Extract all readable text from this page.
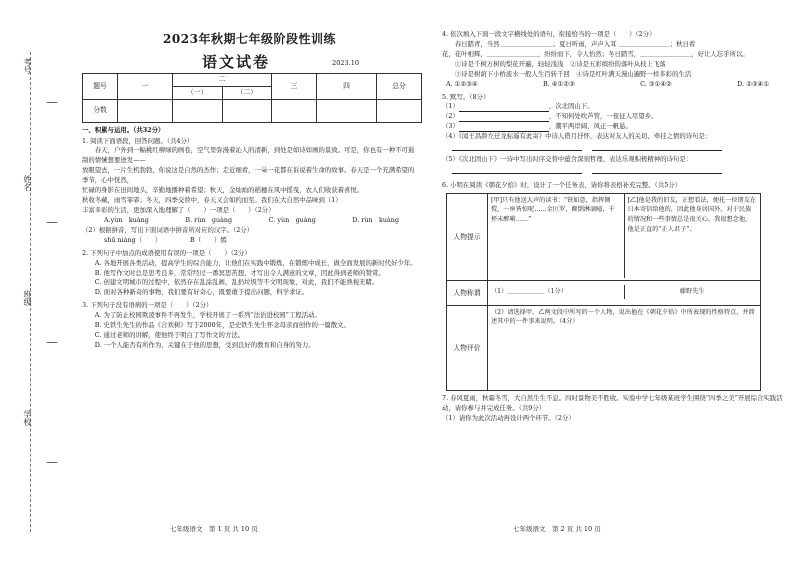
考号
姓名
班级
学校
—
—
—
—
2023年秋期七年级阶段性训练
语文试卷	2023.10
题号	一	二		三	四	总分
		（一）	（二）			
分数						
一、积累与运用。（共32分）
1. 阅读下面语段，回答问题。（共4分）
春天，户外到一幅桃红柳绿的画卷，空气里弥漫着沁人的清新，到处是如诗如画的景致。可是，你也有一种不可遏制的情愫想要迸发——
放眼望去，一片生机勃勃，你说这是自然的杰作；走近细看，一朵一花都在诉说着生命的故事。春天是一个充满希望的季节，心中恍然，
忙碌的身影在田间地头，辛勤地播种着希望；秋天，金灿灿的稻穗在风中摇曳，农人们收获着喜悦。
秋收冬藏，雨雪霏霏；冬天，四季交替中，春天又会如约而至。我们在大自然中品味到（1）
丰富多彩的生活，更加深入地理解了（　　）一项是（　　）（2分）
A.yùn　kuàng	B. rùn　guàng	C. yùn　guàng	D. rùn　kuàng
（2）根据拼音，写出下面词语中拼音所对应的汉字。（2分）
shū niàng（　　）　　　　　B（　　）嫣
2. 下列句子中加点的成语使用有误的一项是（　　）（2分）
A. 各地开展各类活动，提高学生的综合能力，让他们在实践中锻炼，在锻炼中成长，做全面发展的新时代好少年。
B. 他写作文时总是思考良多，常常经过一番冥思苦想，才写出令人满意的文章，因此得到老师的赞赏。
C. 创建文明城市的过程中，依然存在乱涂乱画，乱扔垃圾等不文明现象，对此，我们不能熟视无睹。
D. 面对各种新奇的事物，我们要有好奇心，既要敢于提出问题，科学求证。
3. 下列句子没有语病的一项是（　　）（2分）
A. 为了防止校园欺凌事件不再发生，学校开展了一系列“法治进校园”工程活动。
B. 史铁生先生的作品《合欢树》写于2000年，是史铁生先生怀念母亲而创作的一篇散文。
C. 通过老师的讲解，使他终于明白了写作文的方法。
D. 一个人能否有所作为，关键在于他的思想，受到良好的教育和自身的努力。
七年级语文　第 1 页 共 10 页
4. 依次填入下面一段文字横线处的语句，衔接恰当的一项是（　　）（2分）
春日踏青，当然 ＿＿＿＿＿＿＿＿；夏日听雨，声声入耳 ＿＿＿＿＿＿＿＿；秋日看
花，花叶相辉，＿＿＿＿＿＿＿＿，纷纷而下，令人怡然；冬日踏雪，＿＿＿＿＿＿＿＿，好让人忘乎所以。
①诗是千树万树的梨花开遍，轻轻浅浅　②诗是五彩缤纷的落叶从枝上飞落
③诗是树荫下小桥流水一般人生百转千回　④诗是红叶满天漫山遍野一样多彩的生活
A. ①②③④	B. ④①②③	C. ③①④②	D. ②③④①
5. 默写。（8分）
（1）	，次北固山下。
（2）	，不知何处吹芦管，一夜征人尽望乡。
（3）	，潮平两岸阔，风正一帆悬。
（4）《闻王昌龄左迁龙标遥有此寄》中诗人借月抒怀，表达对友人的关切、牵挂之情的诗句是：

（5）《次北固山下》一诗中写出时序交替中蕴含深刻哲理、表达乐观积极精神的诗句是：

6. 小明在阅读《朝花夕拾》时，设计了一个任务表，请你将表格补充完整。（共5分）
人物提示	[甲]只有他送大声的读书：“铁如意，指挥倜傥，一座皆惊呢……金叵罗，颠倒淋漓噫，千杯未醉嗬……”
[乙]他是我的旧友，正想看法，便托一位朋友在日本寄信给他的，因此他身居国外，对于民族的情况和一些事情总是很关心。我很想念他，他是正直的“正人君子”。

人物称谓	（1）＿＿＿＿＿＿（1分） 藤野先生

人物评价	（2）请选择甲、乙两文段中所写的一个人物，说出他在《朝花夕拾》中所表现的性格特点，并简述其中的一件事来说明。（4分）
7. 春风夏雨，秋霜冬雪，大自然生生不息。四时景物美不胜收。实验中学七年级某班学生围绕“四季之美”开展综合实践活动，请你参与并完成任务。（共9分）
（1）请你为此次活动再设计两个环节。（2分）
七年级语文　第 2 页 共 10 页
